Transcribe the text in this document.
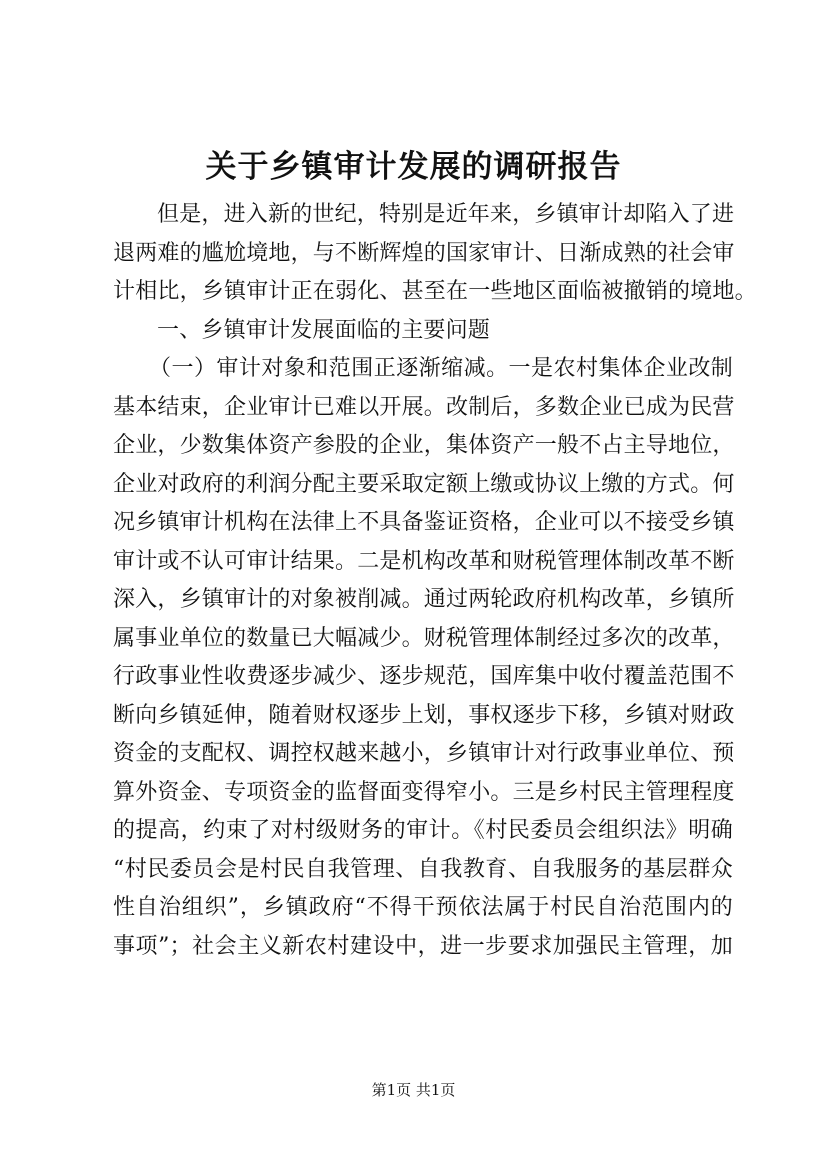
关于乡镇审计发展的调研报告
但是，进入新的世纪，特别是近年来，乡镇审计却陷入了进
退两难的尴尬境地，与不断辉煌的国家审计、日渐成熟的社会审
计相比，乡镇审计正在弱化、甚至在一些地区面临被撤销的境地。
一、乡镇审计发展面临的主要问题
（一）审计对象和范围正逐渐缩减。一是农村集体企业改制
基本结束，企业审计已难以开展。改制后，多数企业已成为民营
企业，少数集体资产参股的企业，集体资产一般不占主导地位，
企业对政府的利润分配主要采取定额上缴或协议上缴的方式。何
况乡镇审计机构在法律上不具备鉴证资格，企业可以不接受乡镇
审计或不认可审计结果。二是机构改革和财税管理体制改革不断
深入，乡镇审计的对象被削减。通过两轮政府机构改革，乡镇所
属事业单位的数量已大幅减少。财税管理体制经过多次的改革，
行政事业性收费逐步减少、逐步规范，国库集中收付覆盖范围不
断向乡镇延伸，随着财权逐步上划，事权逐步下移，乡镇对财政
资金的支配权、调控权越来越小，乡镇审计对行政事业单位、预
算外资金、专项资金的监督面变得窄小。三是乡村民主管理程度
的提高，约束了对村级财务的审计。《村民委员会组织法》明确
“村民委员会是村民自我管理、自我教育、自我服务的基层群众
性自治组织”，乡镇政府“不得干预依法属于村民自治范围内的
事项”；社会主义新农村建设中，进一步要求加强民主管理，加
第1页 共1页
